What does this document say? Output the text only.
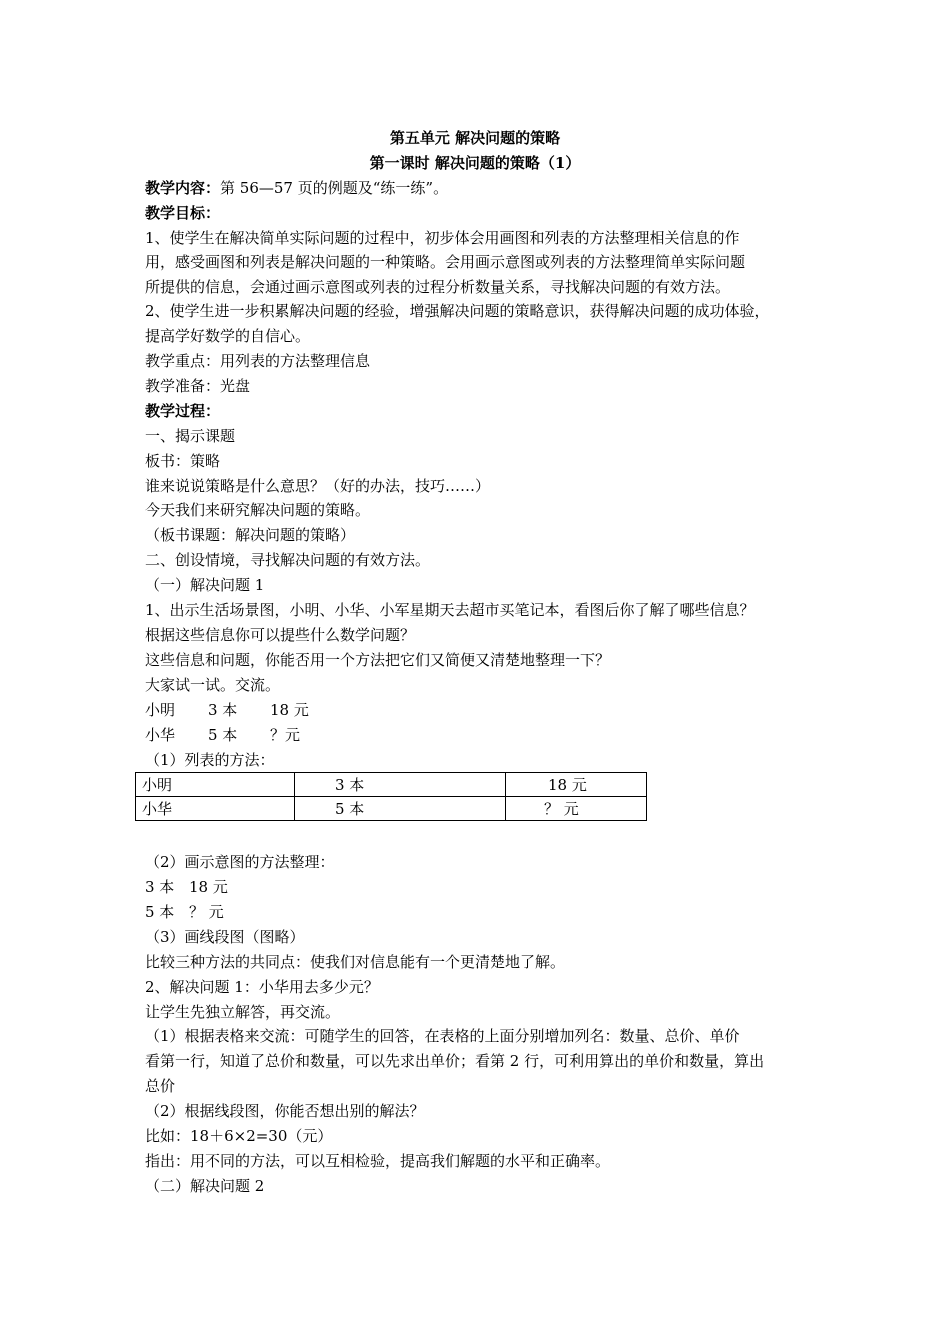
第五单元 解决问题的策略
第一课时 解决问题的策略（1）
教学内容：第 56—57 页的例题及“练一练”。
教学目标：
1、使学生在解决简单实际问题的过程中，初步体会用画图和列表的方法整理相关信息的作
用，感受画图和列表是解决问题的一种策略。会用画示意图或列表的方法整理简单实际问题
所提供的信息，会通过画示意图或列表的过程分析数量关系，寻找解决问题的有效方法。
2、使学生进一步积累解决问题的经验，增强解决问题的策略意识，获得解决问题的成功体验，
提高学好数学的自信心。
教学重点：用列表的方法整理信息
教学准备：光盘
教学过程：
一、揭示课题
板书：策略
谁来说说策略是什么意思？（好的办法，技巧……）
今天我们来研究解决问题的策略。
（板书课题：解决问题的策略）
二、创设情境，寻找解决问题的有效方法。
（一）解决问题 1
1、出示生活场景图，小明、小华、小军星期天去超市买笔记本，看图后你了解了哪些信息？
根据这些信息你可以提些什么数学问题？
这些信息和问题，你能否用一个方法把它们又简便又清楚地整理一下？
大家试一试。交流。
小明 3 本 18 元
小华 5 本 ？元
（1）列表的方法：
小明	3 本	18 元
小华	5 本	？ 元
（2）画示意图的方法整理：
3 本 18 元
5 本 ？ 元
（3）画线段图（图略）
比较三种方法的共同点：使我们对信息能有一个更清楚地了解。
2、解决问题 1：小华用去多少元？
让学生先独立解答，再交流。
（1）根据表格来交流：可随学生的回答，在表格的上面分别增加列名：数量、总价、单价
看第一行，知道了总价和数量，可以先求出单价；看第 2 行，可利用算出的单价和数量，算出
总价
（2）根据线段图，你能否想出别的解法？
比如：18＋6×2=30（元）
指出：用不同的方法，可以互相检验，提高我们解题的水平和正确率。
（二）解决问题 2
